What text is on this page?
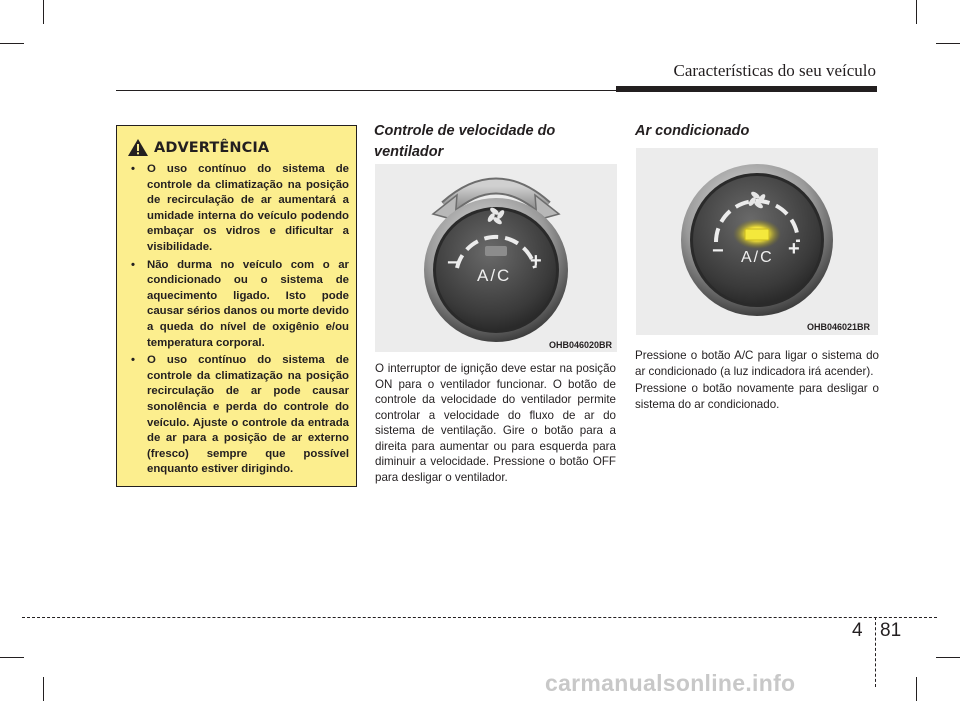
Características do seu veículo
ADVERTÊNCIA
• O uso contínuo do sistema de controle da climatização na posição de recirculação de ar aumentará a umidade interna do veículo podendo embaçar os vidros e dificultar a visibilidade.
• Não durma no veículo com o ar condicionado ou o sistema de aquecimento ligado. Isto pode causar sérios danos ou morte devido a queda do nível de oxigênio e/ou temperatura corporal.
• O uso contínuo do sistema de controle da climatização na posição recirculação de ar pode causar sonolência e perda do controle do veículo. Ajuste o controle da entrada de ar para a posição de ar externo (fresco) sempre que possível enquanto estiver dirigindo.
Controle de velocidade do ventilador
−	+
A/C
OHB046020BR

O interruptor de ignição deve estar na posição ON para o ventilador funcionar. O botão de controle da velocidade do ventilador permite controlar a velocidade do fluxo de ar do sistema de ventilação. Gire o botão para a direita para aumentar ou para esquerda para diminuir a velocidade. Pressione o botão OFF para desligar o ventilador.

Ar condicionado
−	+
A/C
OHB046021BR

Pressione o botão A/C para ligar o sistema do ar condicionado (a luz indicadora irá acender).

Pressione o botão novamente para desligar o sistema do ar condicionado.

4 81
carmanualsonline.info
